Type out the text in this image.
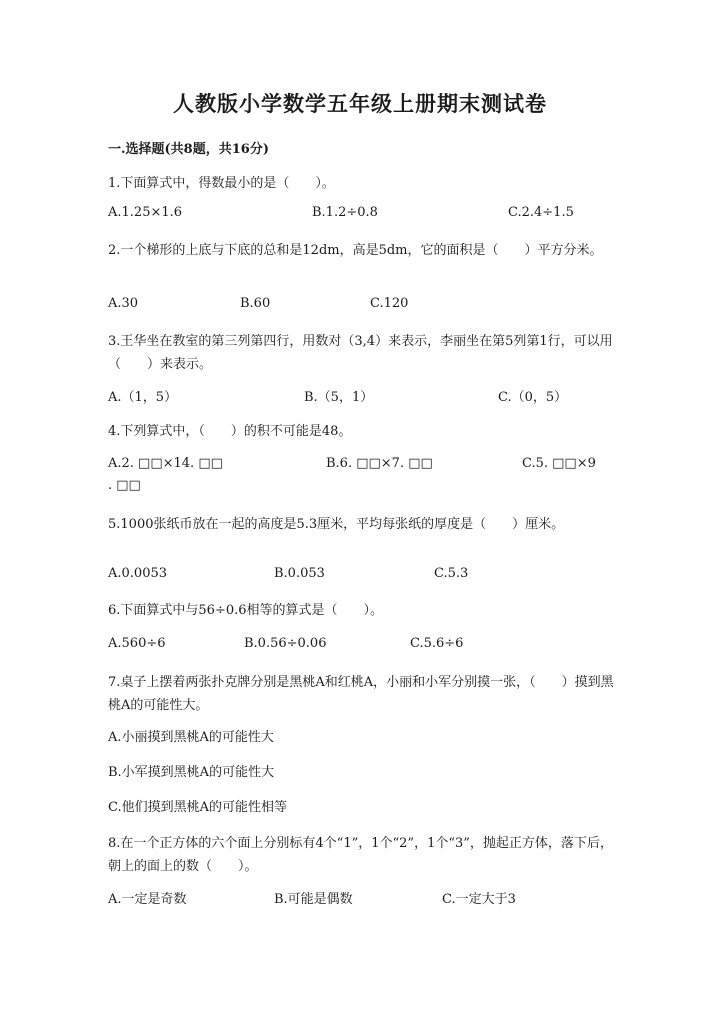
人教版小学数学五年级上册期末测试卷
一.选择题(共8题，共16分)
1.下面算式中，得数最小的是（　　）。
A.1.25×1.6	B.1.2÷0.8	C.2.4÷1.5
2.一个梯形的上底与下底的总和是12dm，高是5dm，它的面积是（　　）平方分米。
A.30	B.60	C.120
3.王华坐在教室的第三列第四行，用数对（3,4）来表示，李丽坐在第5列第1行，可以用（　　）来表示。
A.（1，5）	B.（5，1）	C.（0，5）
4.下列算式中，（　　）的积不可能是48。
A.2. □□×14. □□	B.6. □□×7. □□	C.5. □□×9
. □□
5.1000张纸币放在一起的高度是5.3厘米，平均每张纸的厚度是（　　）厘米。
A.0.0053	B.0.053	C.5.3
6.下面算式中与56÷0.6相等的算式是（　　）。
A.560÷6	B.0.56÷0.06	C.5.6÷6
7.桌子上摆着两张扑克牌分别是黑桃A和红桃A，小丽和小军分别摸一张，（　　）摸到黑桃A的可能性大。
A.小丽摸到黑桃A的可能性大
B.小军摸到黑桃A的可能性大
C.他们摸到黑桃A的可能性相等
8.在一个正方体的六个面上分别标有4个“1”，1个“2”，1个“3”，抛起正方体，落下后，朝上的面上的数（　　）。
A.一定是奇数	B.可能是偶数	C.一定大于3
